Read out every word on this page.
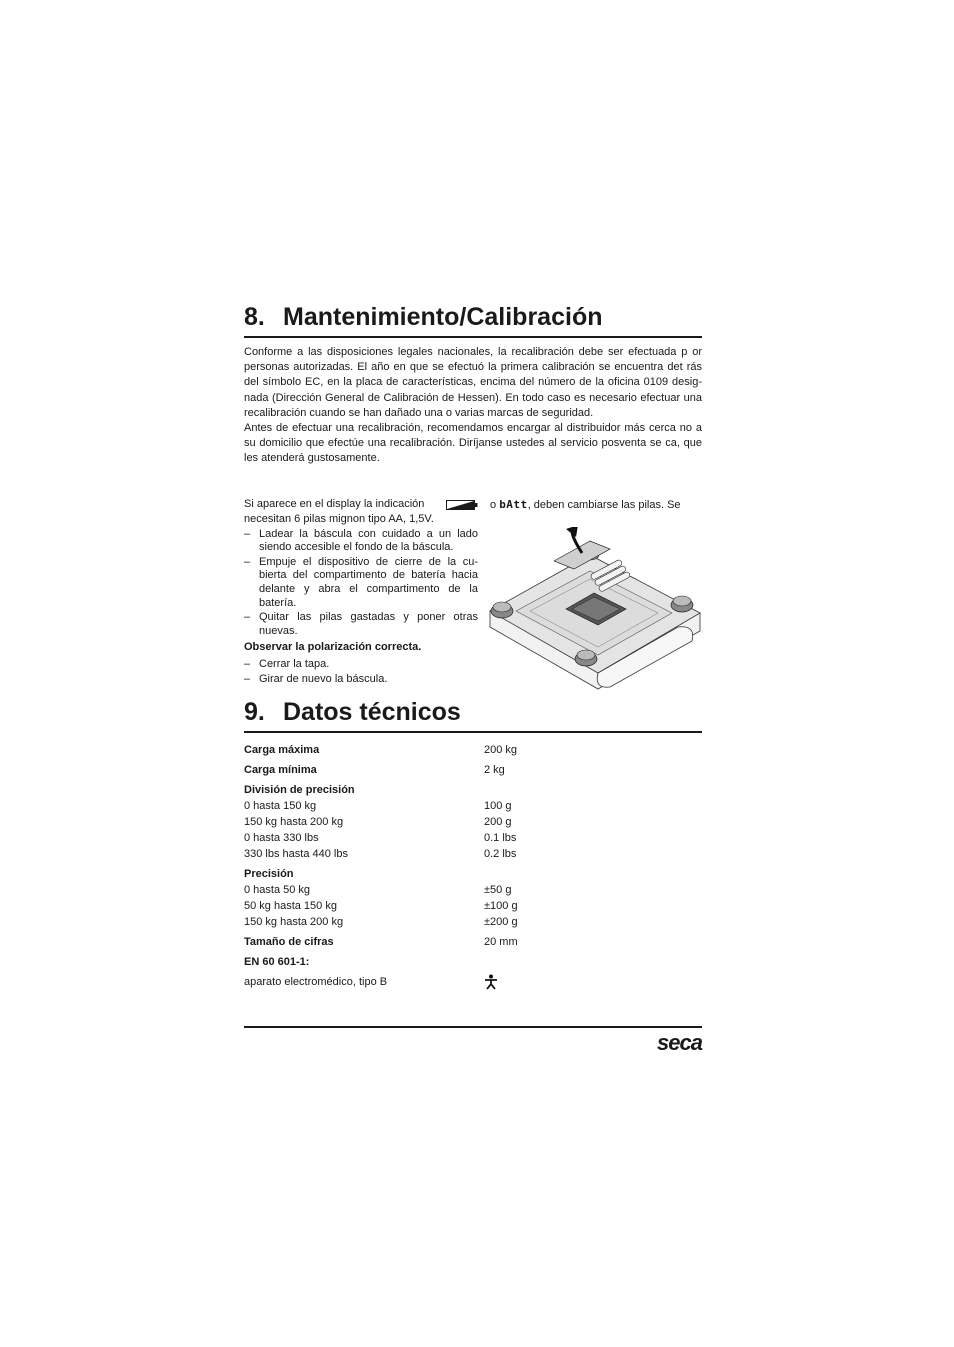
8. Mantenimiento/Calibración

Conforme a las disposiciones legales nacionales, la recalibración debe ser efectuada p or personas autorizadas. El año en que se efectuó la primera calibración se encuentra det rás del símbolo EC, en la placa de características, encima del número de la oficina 0109 desig- nada (Dirección General de Calibración de Hessen). En todo caso es necesario efectuar una recalibración cuando se han dañado una o varias marcas de seguridad.

Antes de efectuar una recalibración, recomendamos encargar al distribuidor más cerca no a su domicilio que efectúe una recalibración. Diríjanse ustedes al servicio posventa se ca, que les atenderá gustosamente.

Si aparece en el display la indicación	o bAtt, deben cambiarse las pilas. Se

necesitan 6 pilas mignon tipo AA, 1,5V.

– Ladear la báscula con cuidado a un lado siendo accesible el fondo de la báscula.
– Empuje el dispositivo de cierre de la cu- bierta del compartimento de batería hacia delante y abra el compartimento de la batería.
– Quitar las pilas gastadas y poner otras nuevas.

Observar la polarización correcta.

– Cerrar la tapa.
– Girar de nuevo la báscula.
9. Datos técnicos
Carga máxima	200 kg
Carga mínima	2 kg
División de precisión	
0 hasta 150 kg	100 g
150 kg hasta 200 kg	200 g
0 hasta 330 lbs	0.1 lbs
330 lbs hasta 440 lbs	0.2 lbs
Precisión	
0 hasta 50 kg	±50 g
50 kg hasta 150 kg	±100 g
150 kg hasta 200 kg	±200 g
Tamaño de cifras	20 mm
EN 60 601-1:	
aparato electromédico, tipo B	
seca
